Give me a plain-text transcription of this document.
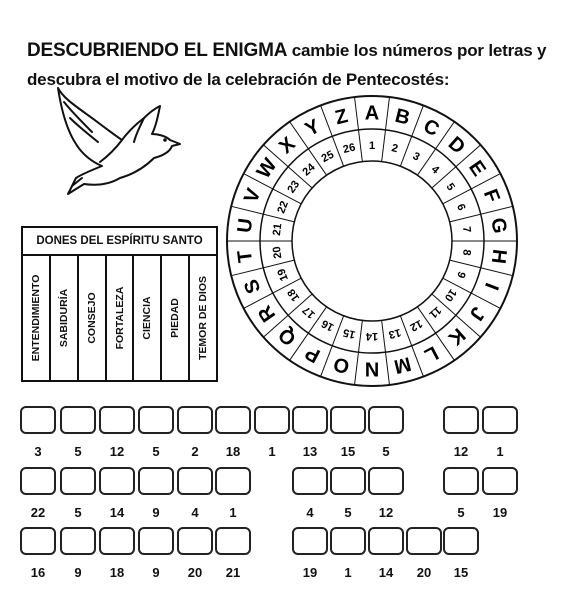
DESCUBRIENDO EL ENIGMA cambie los números por letras y descubra el motivo de la celebración de Pentecostés:
DONES DEL ESPÍRITU SANTO
ENTENDIMIENTO SABIDURÍA CONSEJO FORTALEZA CIENCIA PIEDAD TEMOR DE DIOS
A
1
B
2
C
3 D
4 E
5 F
6
G
7
H
8
I
9
J
10
K
11
L
12
M
13
N
14
O
15
P
16
Q
17
R
18
S
19
T 20
U 21
V
22
W
23
X
24
Y
25
Z
26
3	5	12	5	2	18	1	13	15	5	12	1
22	5	14	9	4	1	4	5	12	5	19
16	9	18	9	20	21	19	1	14	20	15
